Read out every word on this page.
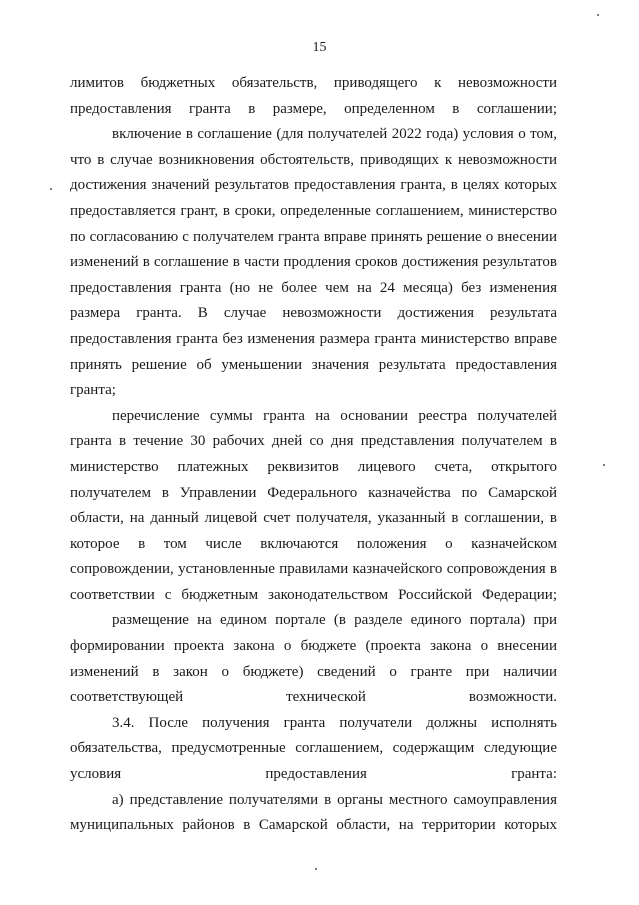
15

лимитов бюджетных обязательств, приводящего к невозможности предоставления гранта в размере, определенном в соглашении;

включение в соглашение (для получателей 2022 года) условия о том, что в случае возникновения обстоятельств, приводящих к невозможности достижения значений результатов предоставления гранта, в целях которых предоставляется грант, в сроки, определенные соглашением, министерство по согласованию с получателем гранта вправе принять решение о внесении изменений в соглашение в части продления сроков достижения результатов предоставления гранта (но не более чем на 24 месяца) без изменения размера гранта. В случае невозможности достижения результата предоставления гранта без изменения размера гранта министерство вправе принять решение об уменьшении значения результата предоставления гранта;

перечисление суммы гранта на основании реестра получателей гранта в течение 30 рабочих дней со дня представления получателем в министерство платежных реквизитов лицевого счета, открытого получателем в Управлении Федерального казначейства по Самарской области, на данный лицевой счет получателя, указанный в соглашении, в которое в том числе включаются положения о казначейском сопровождении, установленные правилами казначейского сопровождения в соответствии с бюджетным законодательством Российской Федерации;

размещение на едином портале (в разделе единого портала) при формировании проекта закона о бюджете (проекта закона о внесении изменений в закон о бюджете) сведений о гранте при наличии соответствующей технической возможности.

3.4. После получения гранта получатели должны исполнять обязательства, предусмотренные соглашением, содержащим следующие условия предоставления гранта:

а) представление получателями в органы местного самоуправления муниципальных районов в Самарской области, на территории которых
